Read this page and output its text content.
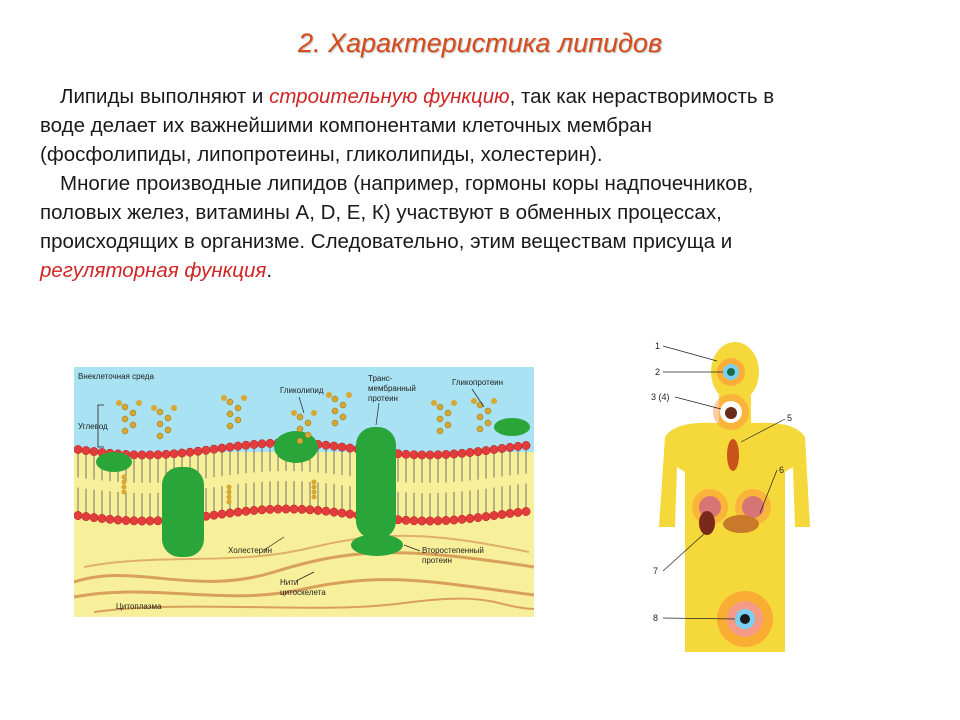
2. Характеристика липидов

Липиды выполняют и строительную функцию, так как нерастворимость в
воде делает их важнейшими компонентами клеточных мембран
(фосфолипиды, липопротеины, гликолипиды, холестерин).

Многие производные липидов (например, гормоны коры надпочечников,
половых желез, витамины А, D, Е, К) участвуют в обменных процессах,
происходящих в организме. Следовательно, этим веществам присуща и
регуляторная функция.

Внеклеточная среда
Углевод
Гликолипид
Транс-
мембранный
протеин
Гликопротеин
Холестерин	Второстепенный
протеин
Нити
цитоскелета
Цитоплазма
1
2
3 (4)
5
6
7
8
